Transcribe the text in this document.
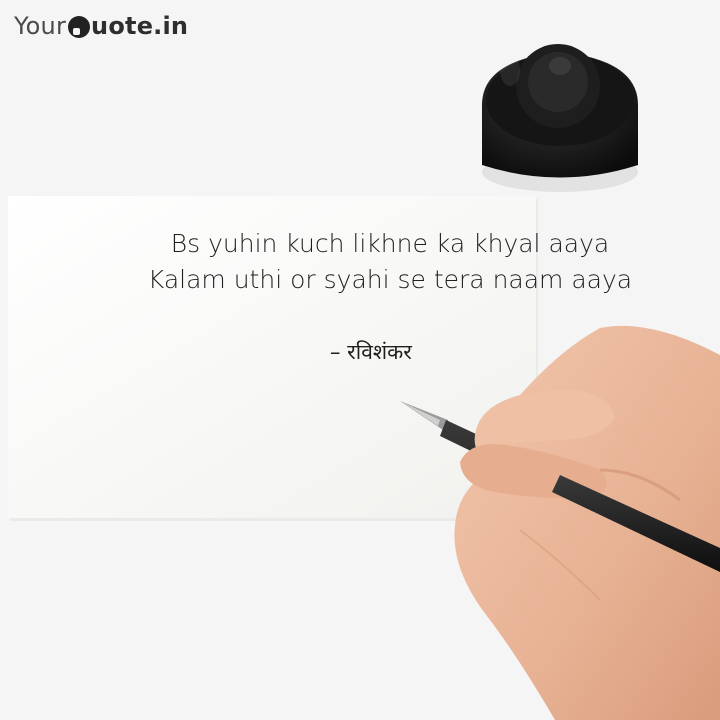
Your uote.in
Bs yuhin kuch likhne ka khyal aaya
Kalam uthi or syahi se tera naam aaya
– रविशंकर
